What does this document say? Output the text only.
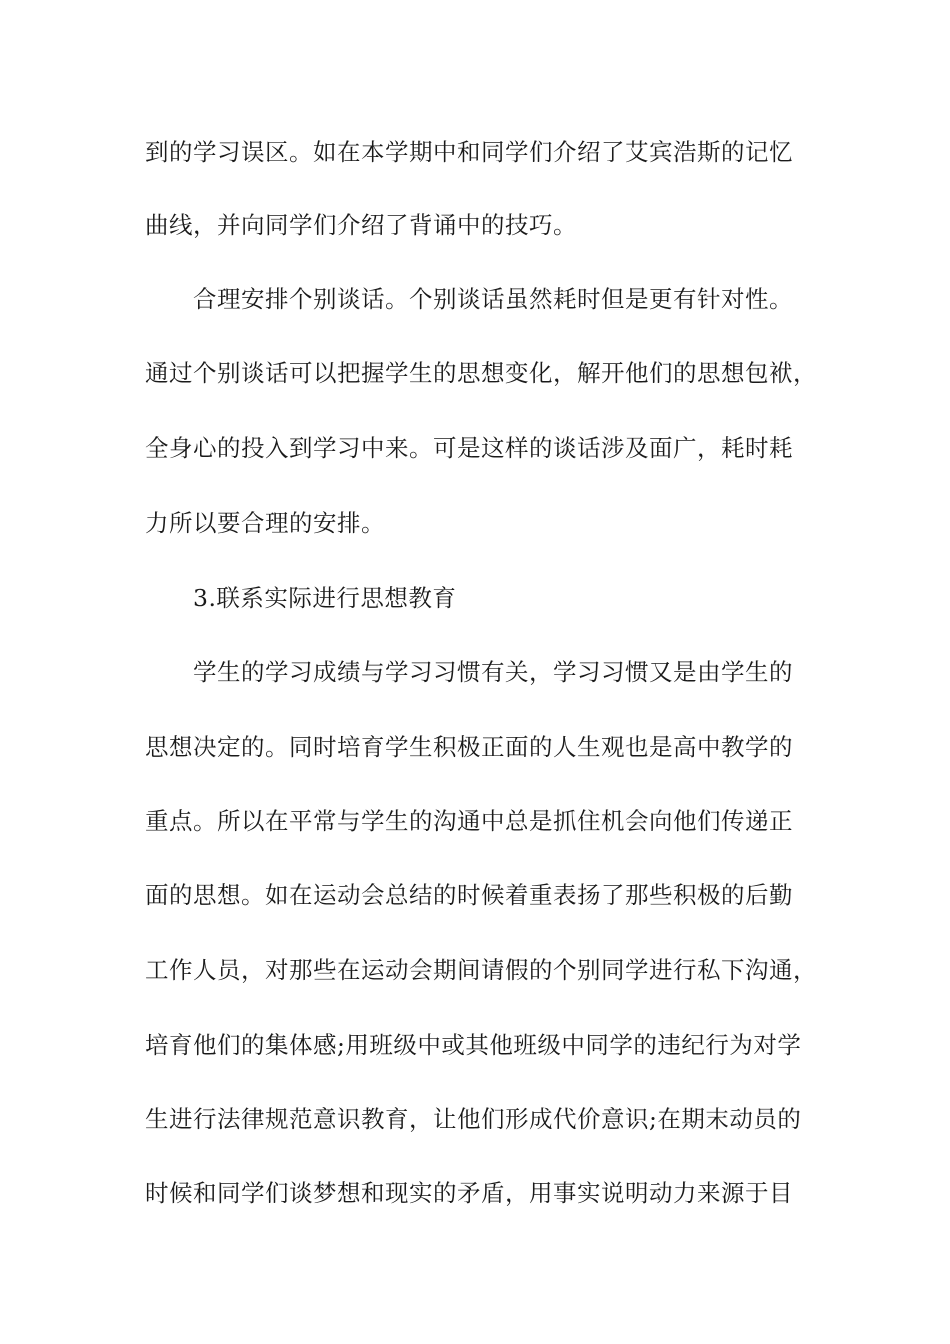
到的学习误区。如在本学期中和同学们介绍了艾宾浩斯的记忆
曲线，并向同学们介绍了背诵中的技巧。
合理安排个别谈话。个别谈话虽然耗时但是更有针对性。
通过个别谈话可以把握学生的思想变化，解开他们的思想包袱，
全身心的投入到学习中来。可是这样的谈话涉及面广，耗时耗
力所以要合理的安排。
3.联系实际进行思想教育
学生的学习成绩与学习习惯有关，学习习惯又是由学生的
思想决定的。同时培育学生积极正面的人生观也是高中教学的
重点。所以在平常与学生的沟通中总是抓住机会向他们传递正
面的思想。如在运动会总结的时候着重表扬了那些积极的后勤
工作人员，对那些在运动会期间请假的个别同学进行私下沟通，
培育他们的集体感;用班级中或其他班级中同学的违纪行为对学
生进行法律规范意识教育，让他们形成代价意识;在期末动员的
时候和同学们谈梦想和现实的矛盾，用事实说明动力来源于目
